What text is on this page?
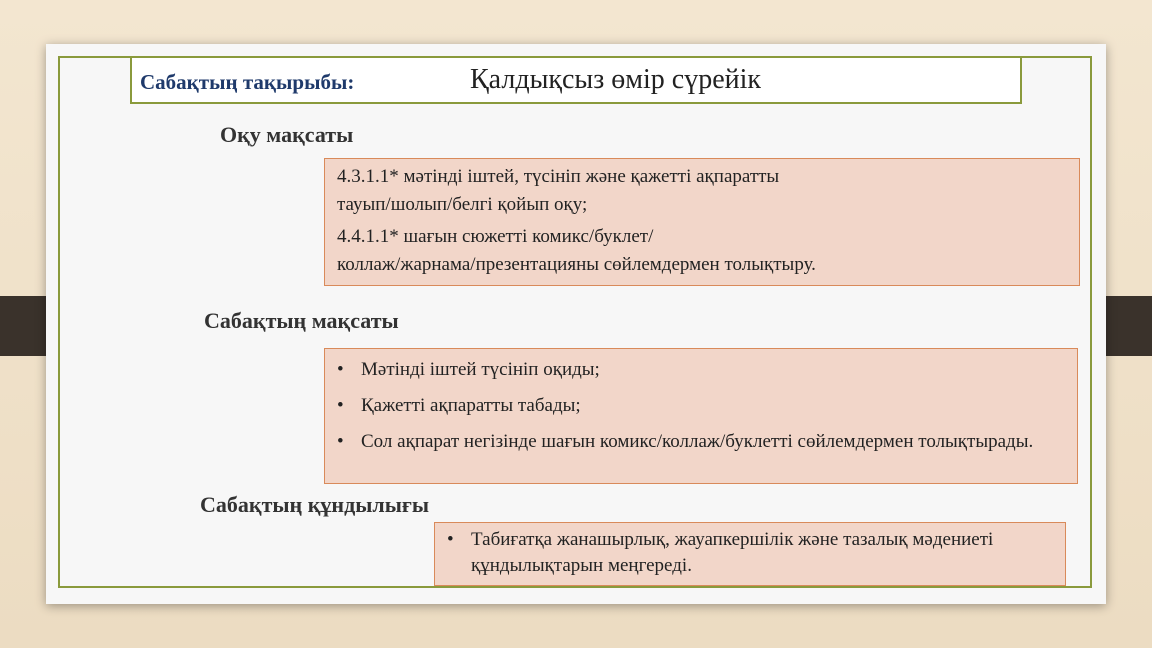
Сабақтың тақырыбы:	Қалдықсыз өмір сүрейік
Оқу мақсаты

4.3.1.1* мәтінді іштей, түсініп және қажетті ақпаратты

тауып/шолып/белгі қойып оқу;

4.4.1.1* шағын сюжетті комикс/буклет/

коллаж/жарнама/презентацияны сөйлемдермен толықтыру.

Сабақтың мақсаты
• Мәтінді іштей түсініп оқиды;
• Қажетті ақпаратты табады;
• Сол ақпарат негізінде шағын комикс/коллаж/буклетті сөйлемдермен толықтырады.
Сабақтың құндылығы
• Табиғатқа жанашырлық, жауапкершілік және тазалық мәдениеті құндылықтарын меңгереді.
